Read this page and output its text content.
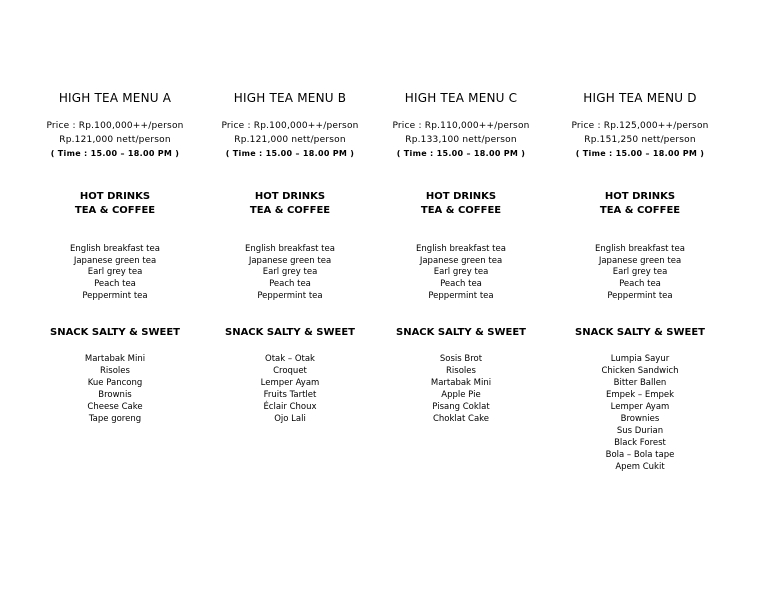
HIGH TEA MENU A
Price : Rp.100,000++/person
Rp.121,000 nett/person
( Time : 15.00 – 18.00 PM )
HOT DRINKS
TEA & COFFEE
English breakfast tea
Japanese green tea
Earl grey tea
Peach tea
Peppermint tea
SNACK SALTY & SWEET
Martabak Mini
Risoles
Kue Pancong
Brownis
Cheese Cake
Tape goreng
HIGH TEA MENU B
Price : Rp.100,000++/person
Rp.121,000 nett/person
( Time : 15.00 – 18.00 PM )
HOT DRINKS
TEA & COFFEE
English breakfast tea
Japanese green tea
Earl grey tea
Peach tea
Peppermint tea
SNACK SALTY & SWEET
Otak – Otak
Croquet
Lemper Ayam
Fruits Tartlet
Éclair Choux
Ojo Lali
HIGH TEA MENU C
Price : Rp.110,000++/person
Rp.133,100 nett/person
( Time : 15.00 – 18.00 PM )
HOT DRINKS
TEA & COFFEE
English breakfast tea
Japanese green tea
Earl grey tea
Peach tea
Peppermint tea
SNACK SALTY & SWEET
Sosis Brot
Risoles
Martabak Mini
Apple Pie
Pisang Coklat
Choklat Cake
HIGH TEA MENU D
Price : Rp.125,000++/person
Rp.151,250 nett/person
( Time : 15.00 – 18.00 PM )
HOT DRINKS
TEA & COFFEE
English breakfast tea
Japanese green tea
Earl grey tea
Peach tea
Peppermint tea
SNACK SALTY & SWEET
Lumpia Sayur
Chicken Sandwich
Bitter Ballen
Empek – Empek
Lemper Ayam
Brownies
Sus Durian
Black Forest
Bola – Bola tape
Apem Cukit
